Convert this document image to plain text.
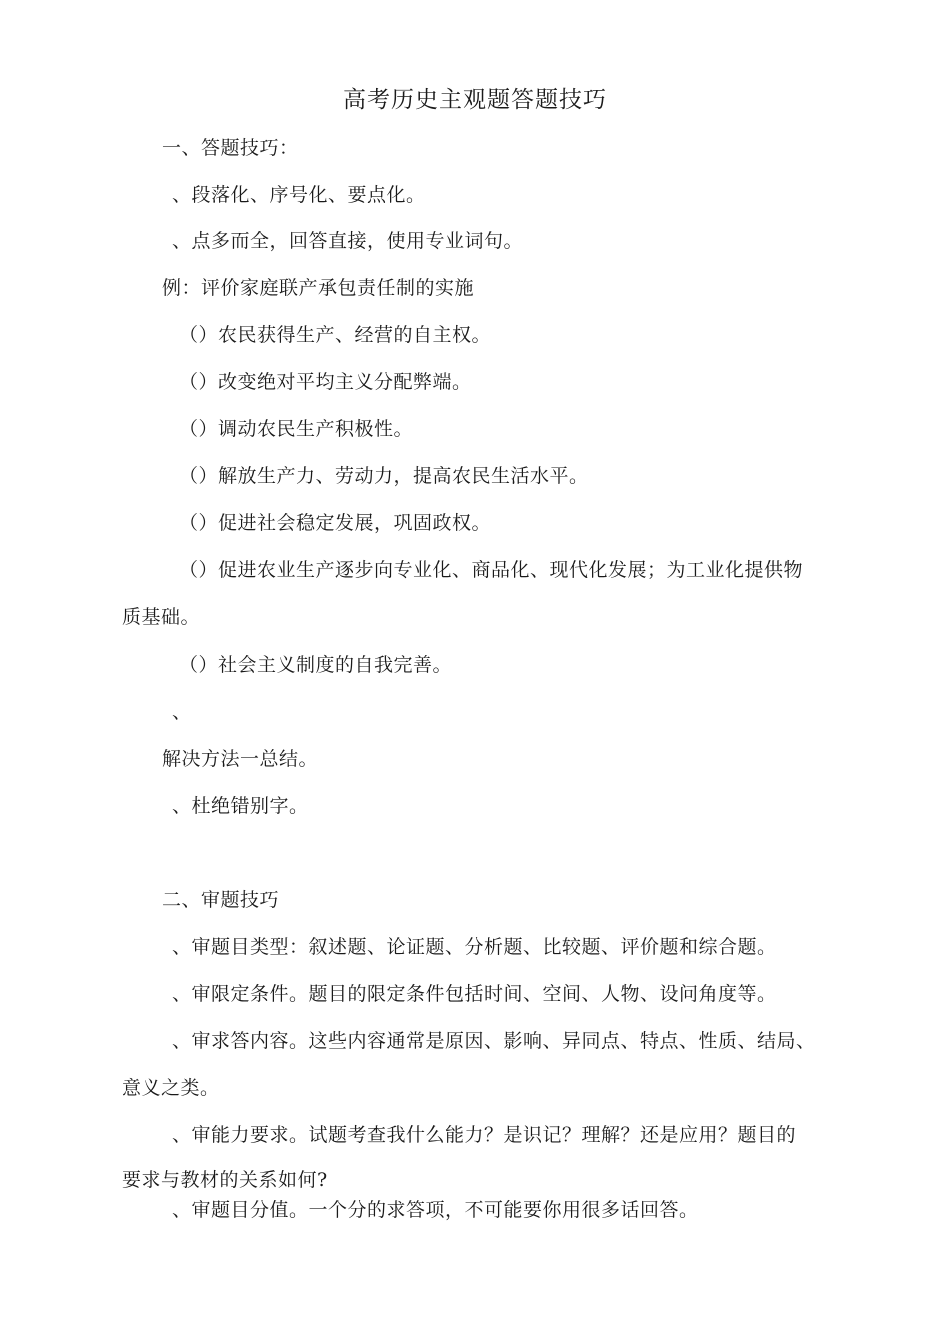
高考历史主观题答题技巧
一、答题技巧：
、段落化、序号化、要点化。
、点多而全，回答直接，使用专业词句。
例：评价家庭联产承包责任制的实施
（）农民获得生产、经营的自主权。
（）改变绝对平均主义分配弊端。
（）调动农民生产积极性。
（）解放生产力、劳动力，提高农民生活水平。
（）促进社会稳定发展，巩固政权。
（）促进农业生产逐步向专业化、商品化、现代化发展；为工业化提供物
质基础。
（）社会主义制度的自我完善。
、
解决方法一总结。
、杜绝错别字。
二、审题技巧
、审题目类型：叙述题、论证题、分析题、比较题、评价题和综合题。
、审限定条件。题目的限定条件包括时间、空间、人物、设问角度等。
、审求答内容。这些内容通常是原因、影响、异同点、特点、性质、结局、
意义之类。
、审能力要求。试题考查我什么能力？是识记？理解？还是应用？题目的
要求与教材的关系如何?
、审题目分值。一个分的求答项，不可能要你用很多话回答。
